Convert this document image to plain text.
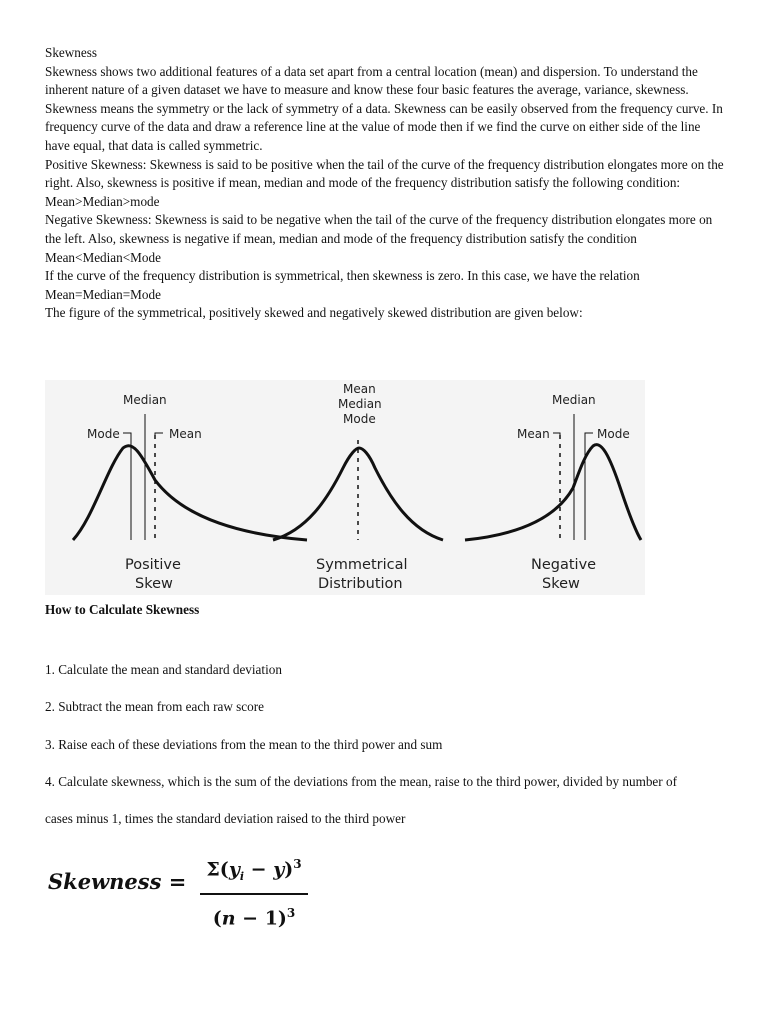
Skewness

Skewness shows two additional features of a data set apart from a central location (mean) and dispersion. To understand the inherent nature of a given dataset we have to measure and know these four basic features the average, variance, skewness.

Skewness means the symmetry or the lack of symmetry of a data. Skewness can be easily observed from the frequency curve. In frequency curve of the data and draw a reference line at the value of mode then if we find the curve on either side of the line have equal, that data is called symmetric.

Positive Skewness: Skewness is said to be positive when the tail of the curve of the frequency distribution elongates more on the right. Also, skewness is positive if mean, median and mode of the frequency distribution satisfy the following condition:

Mean>Median>mode

Negative Skewness: Skewness is said to be negative when the tail of the curve of the frequency distribution elongates more on the left. Also, skewness is negative if mean, median and mode of the frequency distribution satisfy the condition

Mean<Median<Mode

If the curve of the frequency distribution is symmetrical, then skewness is zero. In this case, we have the relation

Mean=Median=Mode

The figure of the symmetrical, positively skewed and negatively skewed distribution are given below:

Median
Mode	Mean
Positive
Skew
Mean
Median
Mode
Symmetrical
Distribution
Median
Mean	Mode
Negative
Skew

How to Calculate Skewness

1. Calculate the mean and standard deviation

2. Subtract the mean from each raw score

3. Raise each of these deviations from the mean to the third power and sum

4. Calculate skewness, which is the sum of the deviations from the mean, raise to the third power, divided by number of

cases minus 1, times the standard deviation raised to the third power

Skewness =	$\Sigma(y_i - y)^3$
$(n - 1)^3$
